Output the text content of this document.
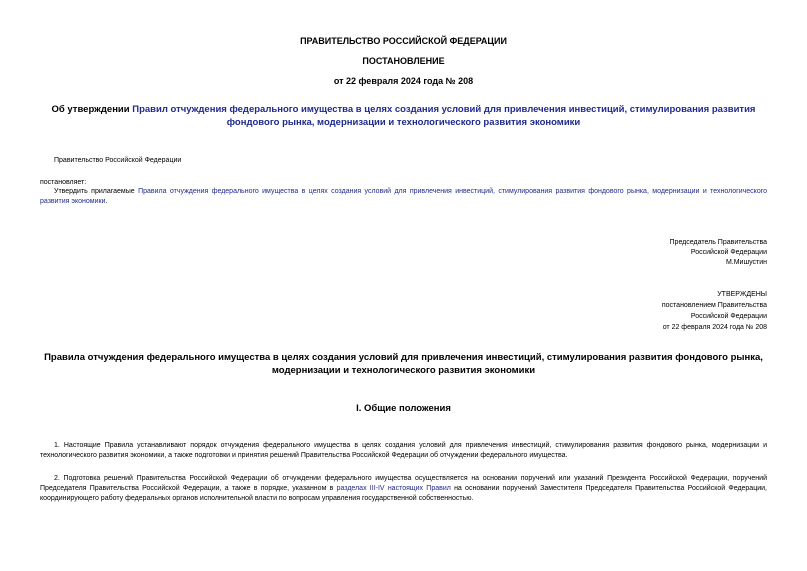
ПРАВИТЕЛЬСТВО РОССИЙСКОЙ ФЕДЕРАЦИИ
ПОСТАНОВЛЕНИЕ
от 22 февраля 2024 года № 208
Об утверждении Правил отчуждения федерального имущества в целях создания условий для привлечения инвестиций, стимулирования развития фондового рынка, модернизации и технологического развития экономики
Правительство Российской Федерации
постановляет:
Утвердить прилагаемые Правила отчуждения федерального имущества в целях создания условий для привлечения инвестиций, стимулирования развития фондового рынка, модернизации и технологического развития экономики.

Председатель Правительства

Российской Федерации

М.Мишустин

УТВЕРЖДЕНЫ

постановлением Правительства

Российской Федерации

от 22 февраля 2024 года № 208

Правила отчуждения федерального имущества в целях создания условий для привлечения инвестиций, стимулирования развития фондового рынка, модернизации и технологического развития экономики
I. Общие положения
1. Настоящие Правила устанавливают порядок отчуждения федерального имущества в целях создания условий для привлечения инвестиций, стимулирования развития фондового рынка, модернизации и технологического развития экономики, а также подготовки и принятия решений Правительства Российской Федерации об отчуждении федерального имущества.
2. Подготовка решений Правительства Российской Федерации об отчуждении федерального имущества осуществляется на основании поручений или указаний Президента Российской Федерации, поручений Председателя Правительства Российской Федерации, а также в порядке, указанном в разделах III-IV настоящих Правил на основании поручений Заместителя Председателя Правительства Российской Федерации, координирующего работу федеральных органов исполнительной власти по вопросам управления государственной собственностью.
